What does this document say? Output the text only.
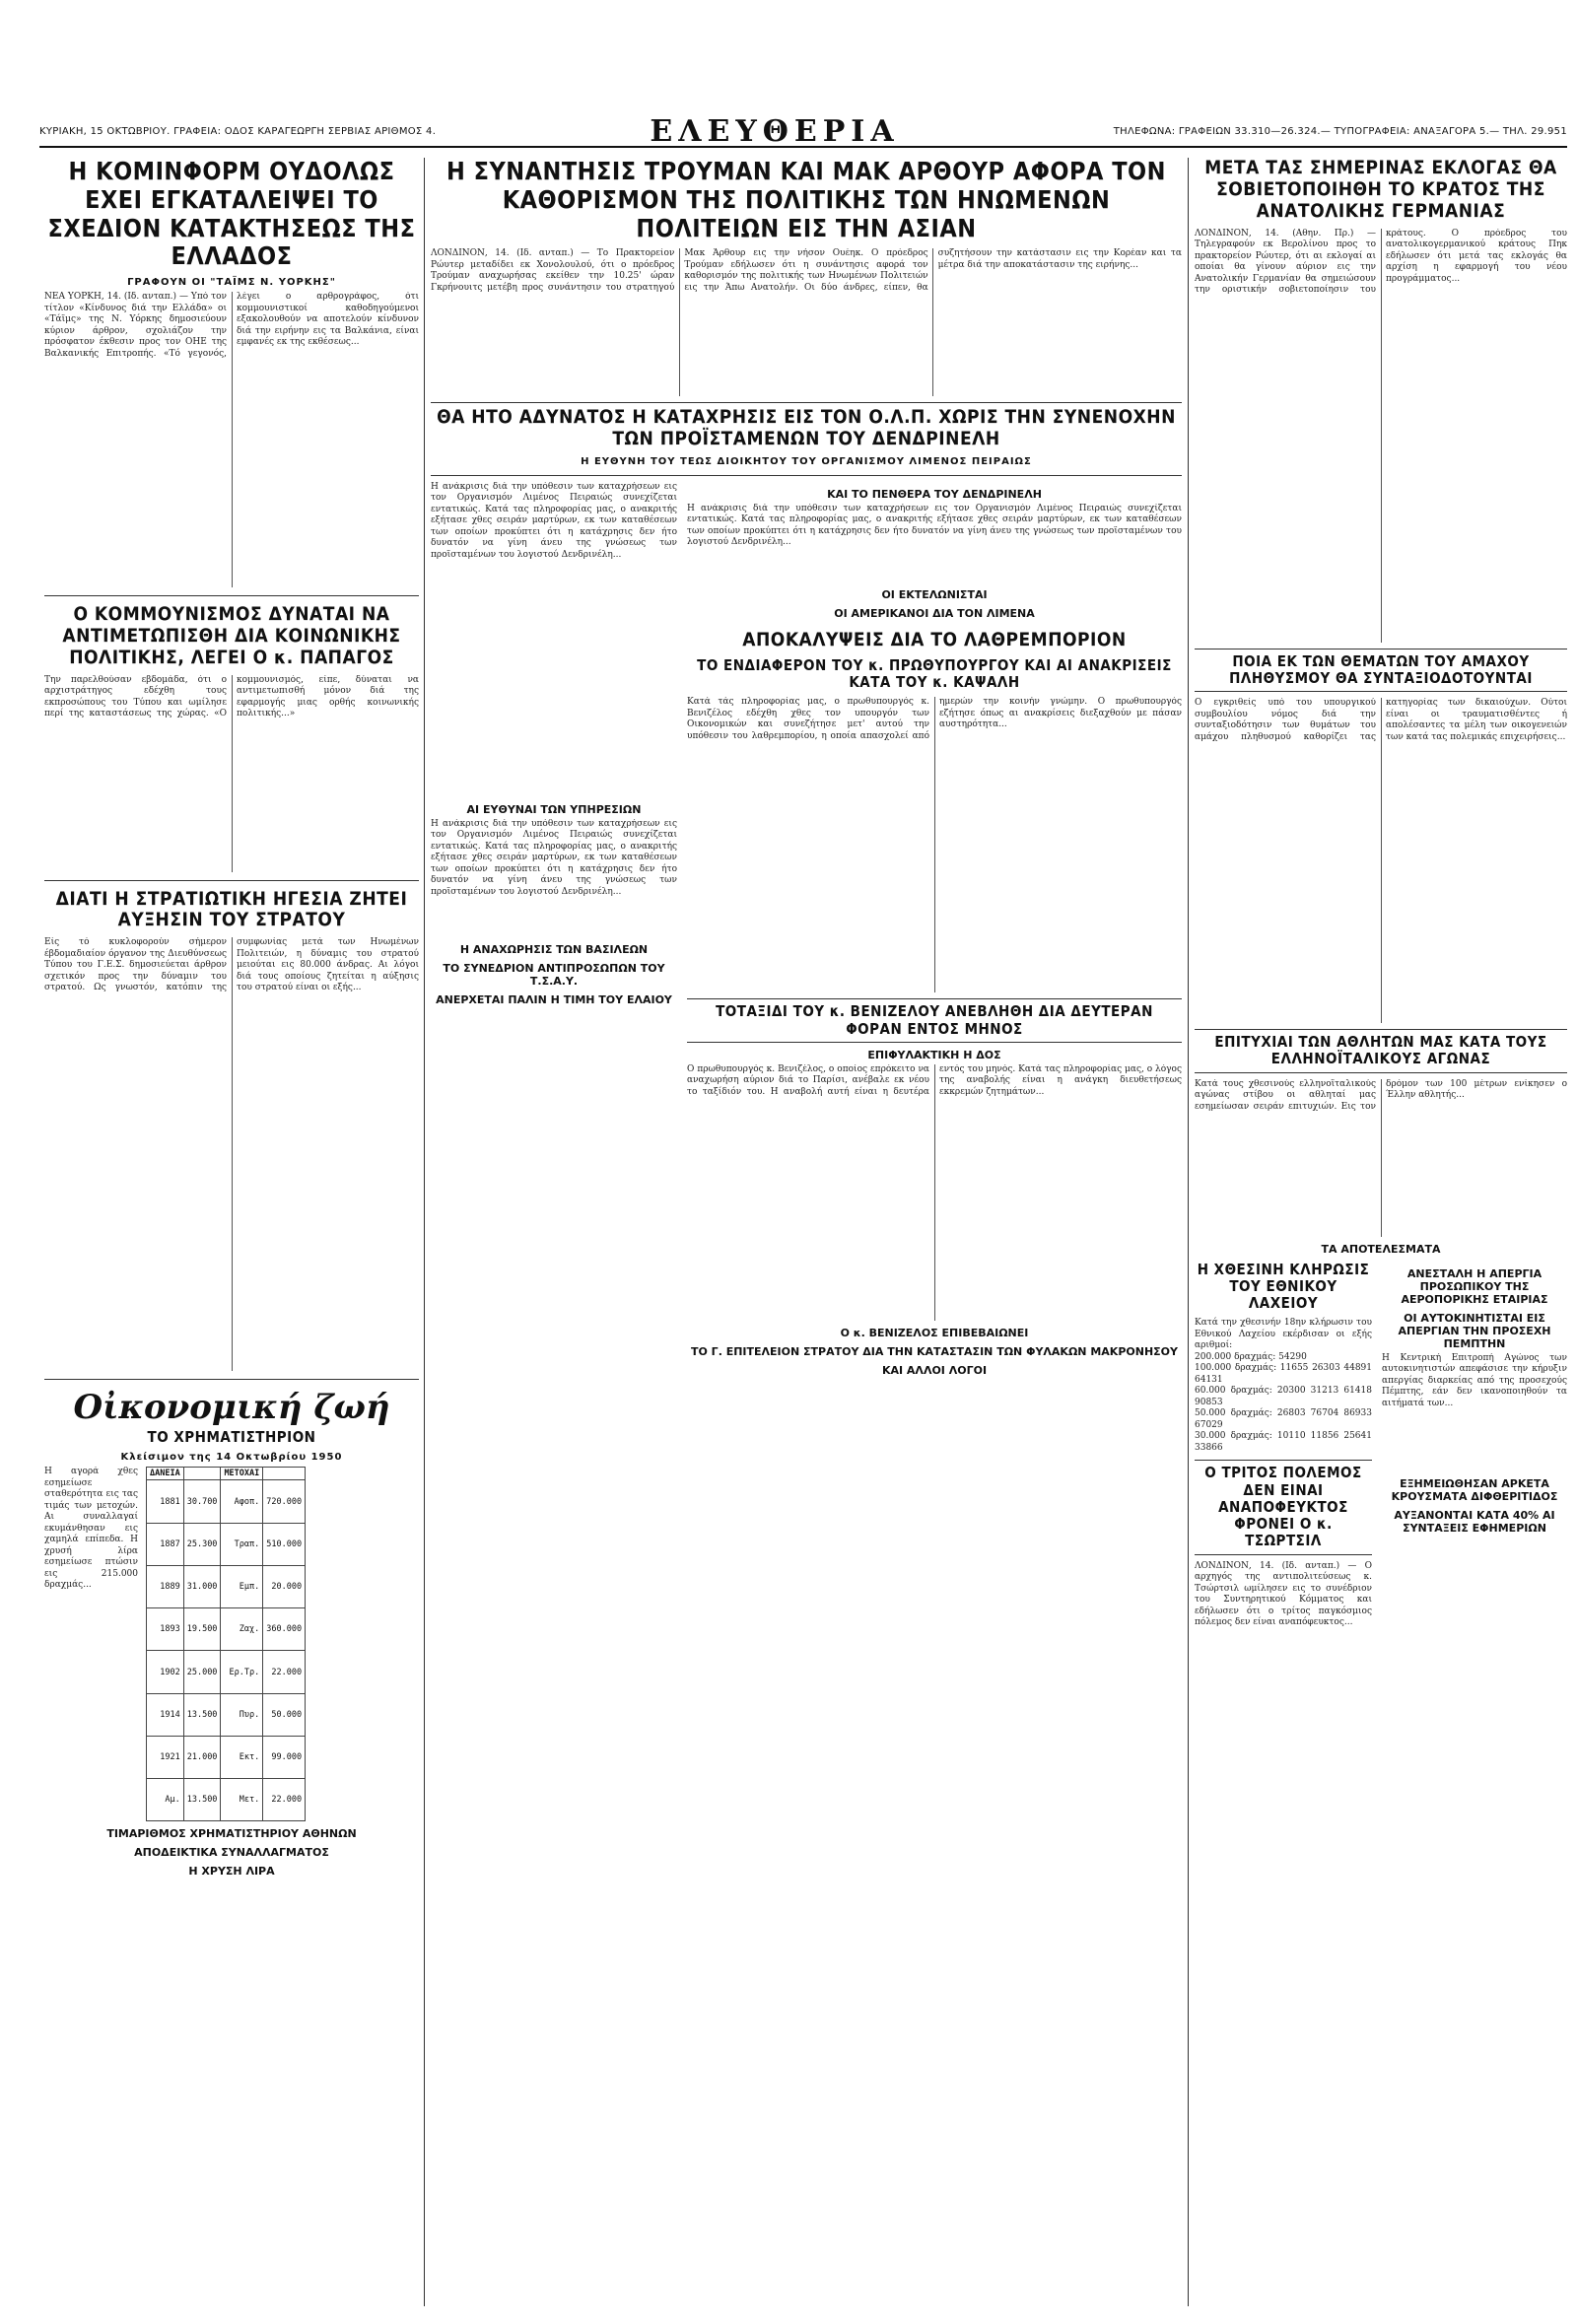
ΚΥΡΙΑΚΗ, 15 ΟΚΤΩΒΡΙΟΥ. ΓΡΑΦΕΙΑ: ΟΔΟΣ ΚΑΡΑΓΕΩΡΓΗ ΣΕΡΒΙΑΣ ΑΡΙΘΜΟΣ 4.	ΕΛΕΥΘΕΡΙΑ	ΤΗΛΕΦΩΝΑ: ΓΡΑΦΕΙΩΝ 33.310—26.324.— ΤΥΠΟΓΡΑΦΕΙΑ: ΑΝΑΞΑΓΟΡΑ 5.— ΤΗΛ. 29.951
Η ΚΟΜΙΝΦΟΡΜ ΟΥΔΟΛΩΣ ΕΧΕΙ ΕΓΚΑΤΑΛΕΙΨΕΙ ΤΟ ΣΧΕΔΙΟΝ ΚΑΤΑΚΤΗΣΕΩΣ ΤΗΣ ΕΛΛΑΔΟΣ
ΓΡΑΦΟΥΝ ΟΙ "ΤΑΪΜΣ Ν. ΥΟΡΚΗΣ"
ΝΕΑ ΥΟΡΚΗ, 14. (Ιδ. ανταπ.) — Υπό τον τίτλον «Κίνδυνος διά την Ελλάδα» οι «Τάϊμς» της Ν. Υόρκης δημοσιεύουν κύριον άρθρον, σχολιάζον την πρόσφατον έκθεσιν προς τον ΟΗΕ της Βαλκανικής Επιτροπής. «Τό γεγονός, λέγει ο αρθρογράφος, ότι κομμουνιστικοί καθοδηγούμενοι εξακολουθούν να αποτελούν κίνδυνον διά την ειρήνην εις τα Βαλκάνια, είναι εμφανές εκ της εκθέσεως...
Ο ΚΟΜΜΟΥΝΙΣΜΟΣ ΔΥΝΑΤΑΙ ΝΑ ΑΝΤΙΜΕΤΩΠΙΣΘΗ ΔΙΑ ΚΟΙΝΩΝΙΚΗΣ ΠΟΛΙΤΙΚΗΣ, ΛΕΓΕΙ Ο κ. ΠΑΠΑΓΟΣ
Την παρελθούσαν εβδομάδα, ότι ο αρχιστράτηγος εδέχθη τους εκπροσώπους του Τύπου και ωμίλησε περί της καταστάσεως της χώρας. «Ο κομμουνισμός, είπε, δύναται να αντιμετωπισθή μόνον διά της εφαρμογής μιας ορθής κοινωνικής πολιτικής...»
ΔΙΑΤΙ Η ΣΤΡΑΤΙΩΤΙΚΗ ΗΓΕΣΙΑ ΖΗΤΕΙ ΑΥΞΗΣΙΝ ΤΟΥ ΣΤΡΑΤΟΥ
Είς τό κυκλοφορούν σήμερον έβδομαδιαίον όργανον της Διευθύνσεως Τύπου του Γ.Ε.Σ. δημοσιεύεται άρθρον σχετικόν προς την δύναμιν του στρατού. Ως γνωστόν, κατόπιν της συμφωνίας μετά των Ηνωμένων Πολιτειών, η δύναμις του στρατού μειούται εις 80.000 άνδρας. Αι λόγοι διά τους οποίους ζητείται η αύξησις του στρατού είναι οι εξής...
Οἰκονομική ζωή
ΤΟ ΧΡΗΜΑΤΙΣΤΗΡΙΟΝ
Κλείσιμον της 14 Οκτωβρίου 1950
Η αγορά χθες εσημείωσε σταθερότητα εις τας τιμάς των μετοχών. Αι συναλλαγαί εκυμάνθησαν εις χαμηλά επίπεδα. Η χρυσή λίρα εσημείωσε πτώσιν εις 215.000 δραχμάς...
ΔΑΝΕΙΑ		ΜΕΤΟΧΑΙ	
1881	30.700	Αφοπ.	720.000
1887	25.300	Τραπ.	510.000
1889	31.000	Εμπ.	20.000
1893	19.500	Ζαχ.	360.000
1902	25.000	Ερ.Τρ.	22.000
1914	13.500	Πυρ.	50.000
1921	21.000	Εκτ.	99.000
Αμ.	13.500	Μετ.	22.000
ΤΙΜΑΡΙΘΜΟΣ ΧΡΗΜΑΤΙΣΤΗΡΙΟΥ ΑΘΗΝΩΝ
ΑΠΟΔΕΙΚΤΙΚΑ ΣΥΝΑΛΛΑΓΜΑΤΟΣ
Η ΧΡΥΣΗ ΛΙΡΑ
Η ΣΥΝΑΝΤΗΣΙΣ ΤΡΟΥΜΑΝ ΚΑΙ ΜΑΚ ΑΡΘΟΥΡ ΑΦΟΡΑ ΤΟΝ ΚΑΘΟΡΙΣΜΟΝ ΤΗΣ ΠΟΛΙΤΙΚΗΣ ΤΩΝ ΗΝΩΜΕΝΩΝ ΠΟΛΙΤΕΙΩΝ ΕΙΣ ΤΗΝ ΑΣΙΑΝ
ΛΟΝΔΙΝΟΝ, 14. (Ιδ. ανταπ.) — Το Πρακτορείον Ρώυτερ μεταδίδει εκ Χονολουλού, ότι ο πρόεδρος Τρούμαν αναχωρήσας εκείθεν την 10.25' ώραν Γκρήνουιτς μετέβη προς συνάντησιν του στρατηγού Μακ Άρθουρ εις την νήσον Ουέηκ. Ο πρόεδρος Τρούμαν εδήλωσεν ότι η συνάντησις αφορά τον καθορισμόν της πολιτικής των Ηνωμένων Πολιτειών εις την Άπω Ανατολήν. Οι δύο άνδρες, είπεν, θα συζητήσουν την κατάστασιν εις την Κορέαν και τα μέτρα διά την αποκατάστασιν της ειρήνης...
ΘΑ ΗΤΟ ΑΔΥΝΑΤΟΣ Η ΚΑΤΑΧΡΗΣΙΣ ΕΙΣ ΤΟΝ Ο.Λ.Π. ΧΩΡΙΣ ΤΗΝ ΣΥΝΕΝΟΧΗΝ ΤΩΝ ΠΡΟΪΣΤΑΜΕΝΩΝ ΤΟΥ ΔΕΝΔΡΙΝΕΛΗ
Η ΕΥΘΥΝΗ ΤΟΥ ΤΕΩΣ ΔΙΟΙΚΗΤΟΥ ΤΟΥ ΟΡΓΑΝΙΣΜΟΥ ΛΙΜΕΝΟΣ ΠΕΙΡΑΙΩΣ
Η ανάκρισις διά την υπόθεσιν των καταχρήσεων εις τον Οργανισμόν Λιμένος Πειραιώς συνεχίζεται εντατικώς. Κατά τας πληροφορίας μας, ο ανακριτής εξήτασε χθες σειράν μαρτύρων, εκ των καταθέσεων των οποίων προκύπτει ότι η κατάχρησις δεν ήτο δυνατόν να γίνη άνευ της γνώσεως των προϊσταμένων του λογιστού Δενδρινέλη...
ΑΙ ΕΥΘΥΝΑΙ ΤΩΝ ΥΠΗΡΕΣΙΩΝ
Η ανάκρισις διά την υπόθεσιν των καταχρήσεων εις τον Οργανισμόν Λιμένος Πειραιώς συνεχίζεται εντατικώς. Κατά τας πληροφορίας μας, ο ανακριτής εξήτασε χθες σειράν μαρτύρων, εκ των καταθέσεων των οποίων προκύπτει ότι η κατάχρησις δεν ήτο δυνατόν να γίνη άνευ της γνώσεως των προϊσταμένων του λογιστού Δενδρινέλη...
Η ΑΝΑΧΩΡΗΣΙΣ ΤΩΝ ΒΑΣΙΛΕΩΝ
ΤΟ ΣΥΝΕΔΡΙΟΝ ΑΝΤΙΠΡΟΣΩΠΩΝ ΤΟΥ Τ.Σ.Α.Υ.
ΑΝΕΡΧΕΤΑΙ ΠΑΛΙΝ Η ΤΙΜΗ ΤΟΥ ΕΛΑΙΟΥ
ΚΑΙ ΤΟ ΠΕΝΘΕΡΑ ΤΟΥ ΔΕΝΔΡΙΝΕΛΗ
Η ανάκρισις διά την υπόθεσιν των καταχρήσεων εις τον Οργανισμόν Λιμένος Πειραιώς συνεχίζεται εντατικώς. Κατά τας πληροφορίας μας, ο ανακριτής εξήτασε χθες σειράν μαρτύρων, εκ των καταθέσεων των οποίων προκύπτει ότι η κατάχρησις δεν ήτο δυνατόν να γίνη άνευ της γνώσεως των προϊσταμένων του λογιστού Δενδρινέλη...
ΟΙ ΕΚΤΕΛΩΝΙΣΤΑΙ
ΟΙ ΑΜΕΡΙΚΑΝΟΙ ΔΙΑ ΤΟΝ ΛΙΜΕΝΑ
ΑΠΟΚΑΛΥΨΕΙΣ ΔΙΑ ΤΟ ΛΑΘΡΕΜΠΟΡΙΟΝ
ΤΟ ΕΝΔΙΑΦΕΡΟΝ ΤΟΥ κ. ΠΡΩΘΥΠΟΥΡΓΟΥ ΚΑΙ ΑΙ ΑΝΑΚΡΙΣΕΙΣ ΚΑΤΑ ΤΟΥ κ. ΚΑΨΑΛΗ
Κατά τάς πληροφορίας μας, ο πρωθυπουργός κ. Βενιζέλος εδέχθη χθες τον υπουργόν των Οικονομικών και συνεζήτησε μετ' αυτού την υπόθεσιν του λαθρεμπορίου, η οποία απασχολεί από ημερών την κοινήν γνώμην. Ο πρωθυπουργός εζήτησε όπως αι ανακρίσεις διεξαχθούν με πάσαν αυστηρότητα...
ΤΟΤΑΞΙΔΙ ΤΟΥ κ. ΒΕΝΙΖΕΛΟΥ ΑΝΕΒΛΗΘΗ ΔΙΑ ΔΕΥΤΕΡΑΝ ΦΟΡΑΝ ΕΝΤΟΣ ΜΗΝΟΣ
ΕΠΙΦΥΛΑΚΤΙΚΗ Η ΔΟΣ
Ο πρωθυπουργός κ. Βενιζέλος, ο οποίος επρόκειτο να αναχωρήση αύριον διά το Παρίσι, ανέβαλε εκ νέου το ταξίδιόν του. Η αναβολή αυτή είναι η δευτέρα εντός του μηνός. Κατά τας πληροφορίας μας, ο λόγος της αναβολής είναι η ανάγκη διευθετήσεως εκκρεμών ζητημάτων...
Ο κ. ΒΕΝΙΖΕΛΟΣ ΕΠΙΒΕΒΑΙΩΝΕΙ
ΤΟ Γ. ΕΠΙΤΕΛΕΙΟΝ ΣΤΡΑΤΟΥ ΔΙΑ ΤΗΝ ΚΑΤΑΣΤΑΣΙΝ ΤΩΝ ΦΥΛΑΚΩΝ ΜΑΚΡΟΝΗΣΟΥ
ΚΑΙ ΑΛΛΟΙ ΛΟΓΟΙ
ΜΕΤΑ ΤΑΣ ΣΗΜΕΡΙΝΑΣ ΕΚΛΟΓΑΣ ΘΑ ΣΟΒΙΕΤΟΠΟΙΗΘΗ ΤΟ ΚΡΑΤΟΣ ΤΗΣ ΑΝΑΤΟΛΙΚΗΣ ΓΕΡΜΑΝΙΑΣ
ΛΟΝΔΙΝΟΝ, 14. (Αθην. Πρ.) — Τηλεγραφούν εκ Βερολίνου προς το πρακτορείον Ρώυτερ, ότι αι εκλογαί αι οποίαι θα γίνουν αύριον εις την Ανατολικήν Γερμανίαν θα σημειώσουν την οριστικήν σοβιετοποίησιν του κράτους. Ο πρόεδρος του ανατολικογερμανικού κράτους Πηκ εδήλωσεν ότι μετά τας εκλογάς θα αρχίση η εφαρμογή του νέου προγράμματος...
ΠΟΙΑ ΕΚ ΤΩΝ ΘΕΜΑΤΩΝ ΤΟΥ ΑΜΑΧΟΥ ΠΛΗΘΥΣΜΟΥ ΘΑ ΣΥΝΤΑΞΙΟΔΟΤΟΥΝΤΑΙ
Ο εγκριθείς υπό του υπουργικού συμβουλίου νόμος διά την συνταξιοδότησιν των θυμάτων του αμάχου πληθυσμού καθορίζει τας κατηγορίας των δικαιούχων. Ούτοι είναι οι τραυματισθέντες ή απολέσαντες τα μέλη των οικογενειών των κατά τας πολεμικάς επιχειρήσεις...
ΕΠΙΤΥΧΙΑΙ ΤΩΝ ΑΘΛΗΤΩΝ ΜΑΣ ΚΑΤΑ ΤΟΥΣ ΕΛΛΗΝΟΪΤΑΛΙΚΟΥΣ ΑΓΩΝΑΣ
Κατά τους χθεσινούς ελληνοϊταλικούς αγώνας στίβου οι αθληταί μας εσημείωσαν σειράν επιτυχιών. Εις τον δρόμον των 100 μέτρων ενίκησεν ο Έλλην αθλητής...
ΤΑ ΑΠΟΤΕΛΕΣΜΑΤΑ
Η ΧΘΕΣΙΝΗ ΚΛΗΡΩΣΙΣ ΤΟΥ ΕΘΝΙΚΟΥ ΛΑΧΕΙΟΥ
Κατά την χθεσινήν 18ην κλήρωσιν του Εθνικού Λαχείου εκέρδισαν οι εξής αριθμοί:
200.000 δραχμάς: 54290
100.000 δραχμάς: 11655 26303 44891 64131
60.000 δραχμάς: 20300 31213 61418 90853
50.000 δραχμάς: 26803 76704 86933 67029
30.000 δραχμάς: 10110 11856 25641 33866
Ο ΤΡΙΤΟΣ ΠΟΛΕΜΟΣ ΔΕΝ ΕΙΝΑΙ ΑΝΑΠΟΦΕΥΚΤΟΣ ΦΡΟΝΕΙ Ο κ. ΤΣΩΡΤΣΙΛ
ΛΟΝΔΙΝΟΝ, 14. (Ιδ. ανταπ.) — Ο αρχηγός της αντιπολιτεύσεως κ. Τσώρτσιλ ωμίλησεν εις το συνέδριον του Συντηρητικού Κόμματος και εδήλωσεν ότι ο τρίτος παγκόσμιος πόλεμος δεν είναι αναπόφευκτος...
ΑΝΕΣΤΑΛΗ Η ΑΠΕΡΓΙΑ ΠΡΟΣΩΠΙΚΟΥ ΤΗΣ ΑΕΡΟΠΟΡΙΚΗΣ ΕΤΑΙΡΙΑΣ
ΟΙ ΑΥΤΟΚΙΝΗΤΙΣΤΑΙ ΕΙΣ ΑΠΕΡΓΙΑΝ ΤΗΝ ΠΡΟΣΕΧΗ ΠΕΜΠΤΗΝ
Η Κεντρική Επιτροπή Αγώνος των αυτοκινητιστών απεφάσισε την κήρυξιν απεργίας διαρκείας από της προσεχούς Πέμπτης, εάν δεν ικανοποιηθούν τα αιτήματά των...
ΕΞΗΜΕΙΩΘΗΣΑΝ ΑΡΚΕΤΑ ΚΡΟΥΣΜΑΤΑ ΔΙΦΘΕΡΙΤΙΔΟΣ
ΑΥΞΑΝΟΝΤΑΙ ΚΑΤΑ 40% ΑΙ ΣΥΝΤΑΞΕΙΣ ΕΦΗΜΕΡΙΩΝ
